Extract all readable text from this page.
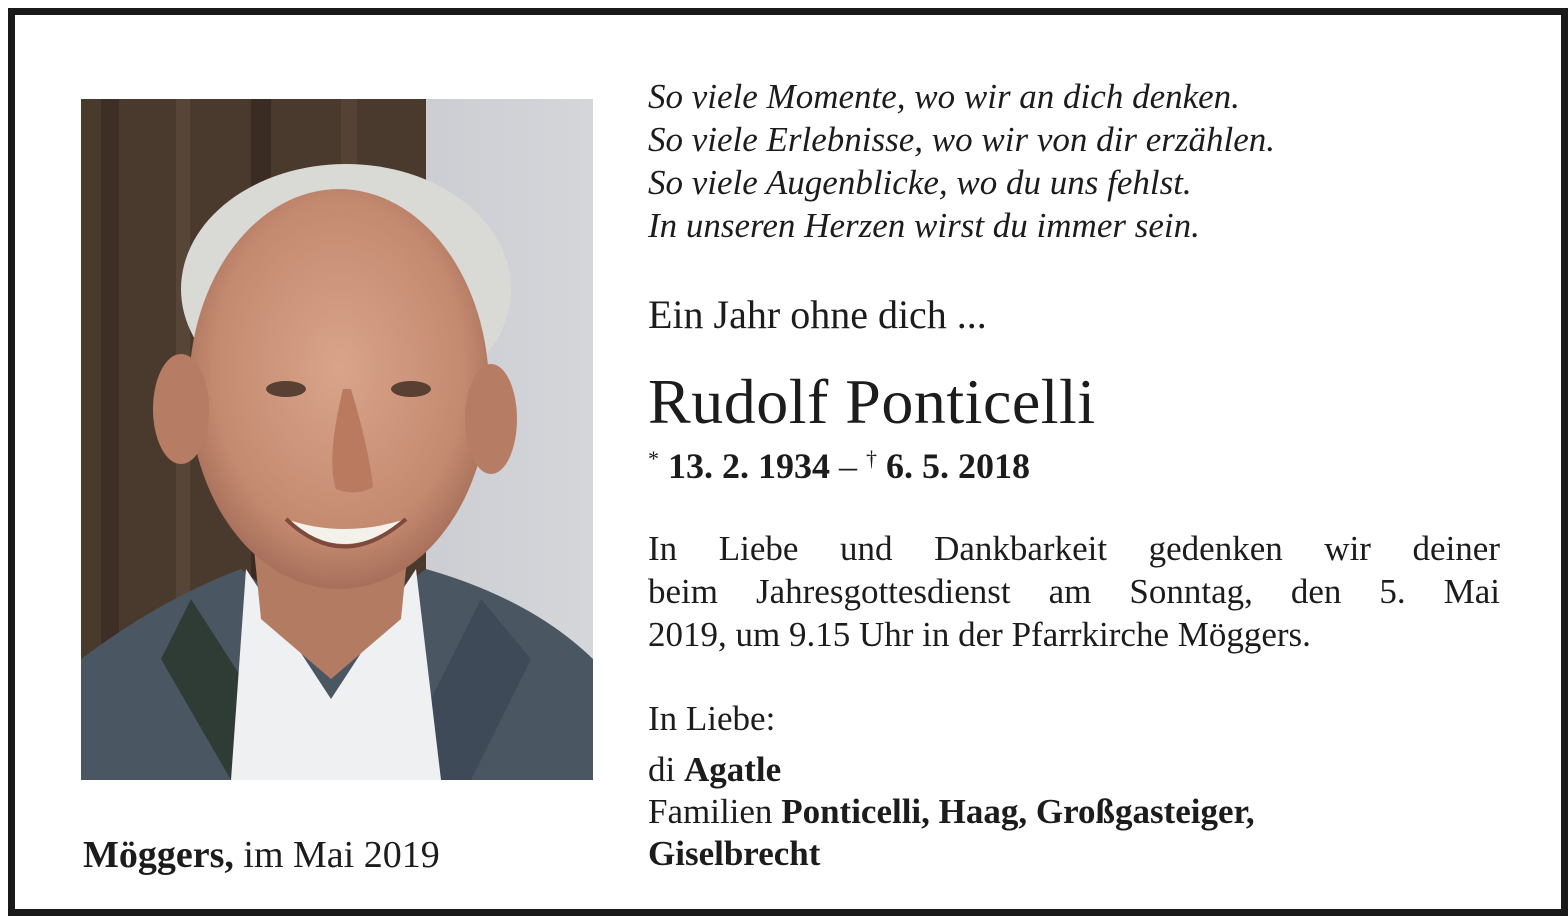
Möggers, im Mai 2019
So viele Momente, wo wir an dich denken.
So viele Erlebnisse, wo wir von dir erzählen.
So viele Augenblicke, wo du uns fehlst.
In unseren Herzen wirst du immer sein.
Ein Jahr ohne dich ...
Rudolf Ponticelli
* 13. 2. 1934 – † 6. 5. 2018
In Liebe und Dankbarkeit gedenken wir deiner
beim Jahresgottesdienst am Sonntag, den 5. Mai
2019, um 9.15 Uhr in der Pfarrkirche Möggers.
In Liebe:
di Agatle
Familien Ponticelli, Haag, Großgasteiger,
Giselbrecht
